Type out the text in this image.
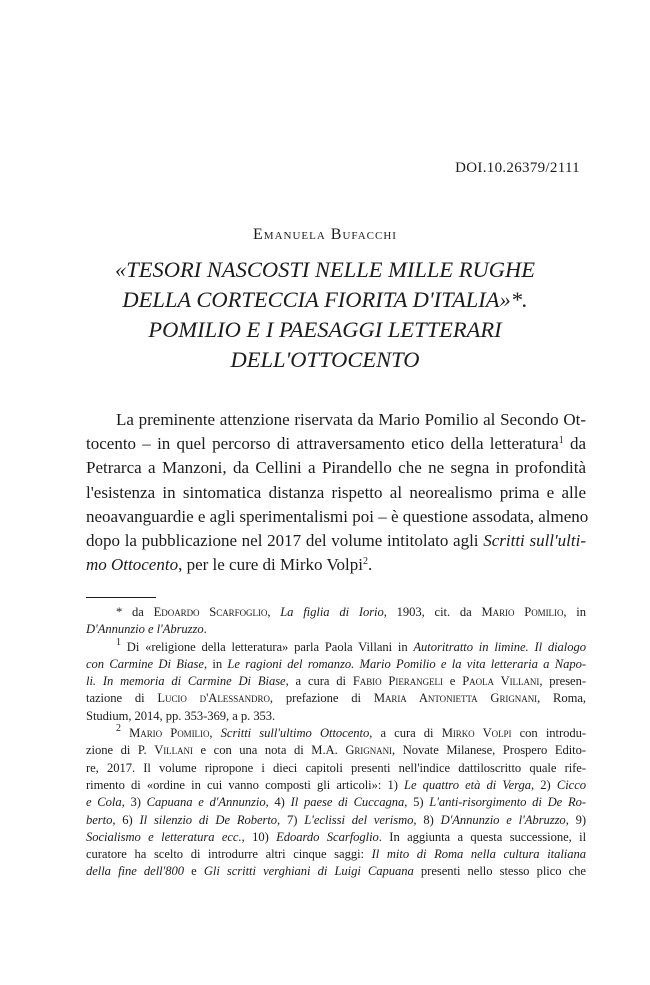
DOI.10.26379/2111
Emanuela Bufacchi
«TESORI NASCOSTI NELLE MILLE RUGHE
DELLA CORTECCIA FIORITA D'ITALIA»*.
POMILIO E I PAESAGGI LETTERARI
DELL'OTTOCENTO
La preminente attenzione riservata da Mario Pomilio al Secondo Ot-
tocento – in quel percorso di attraversamento etico della letteratura$^1$ da
Petrarca a Manzoni, da Cellini a Pirandello che ne segna in profondità
l'esistenza in sintomatica distanza rispetto al neorealismo prima e alle
neoavanguardie e agli sperimentalismi poi – è questione assodata, almeno
dopo la pubblicazione nel 2017 del volume intitolato agli Scritti sull'ulti-
mo Ottocento, per le cure di Mirko Volpi$^2$.
* da Edoardo Scarfoglio, La figlia di Iorio, 1903, cit. da Mario Pomilio, in
D'Annunzio e l'Abruzzo.
$^1$ Di «religione della letteratura» parla Paola Villani in Autoritratto in limine. Il dialogo
con Carmine Di Biase, in Le ragioni del romanzo. Mario Pomilio e la vita letteraria a Napo-
li. In memoria di Carmine Di Biase, a cura di Fabio Pierangeli e Paola Villani, presen-
tazione di Lucio d'Alessandro, prefazione di Maria Antonietta Grignani, Roma,
Studium, 2014, pp. 353-369, a p. 353.
$^2$ Mario Pomilio, Scritti sull'ultimo Ottocento, a cura di Mirko Volpi con introdu-
zione di P. Villani e con una nota di M.A. Grignani, Novate Milanese, Prospero Edito-
re, 2017. Il volume ripropone i dieci capitoli presenti nell'indice dattiloscritto quale rife-
rimento di «ordine in cui vanno composti gli articoli»: 1) Le quattro età di Verga, 2) Cicco
e Cola, 3) Capuana e d'Annunzio, 4) Il paese di Cuccagna, 5) L'anti-risorgimento di De Ro-
berto, 6) Il silenzio di De Roberto, 7) L'eclissi del verismo, 8) D'Annunzio e l'Abruzzo, 9)
Socialismo e letteratura ecc., 10) Edoardo Scarfoglio. In aggiunta a questa successione, il
curatore ha scelto di introdurre altri cinque saggi: Il mito di Roma nella cultura italiana
della fine dell'800 e Gli scritti verghiani di Luigi Capuana presenti nello stesso plico che
